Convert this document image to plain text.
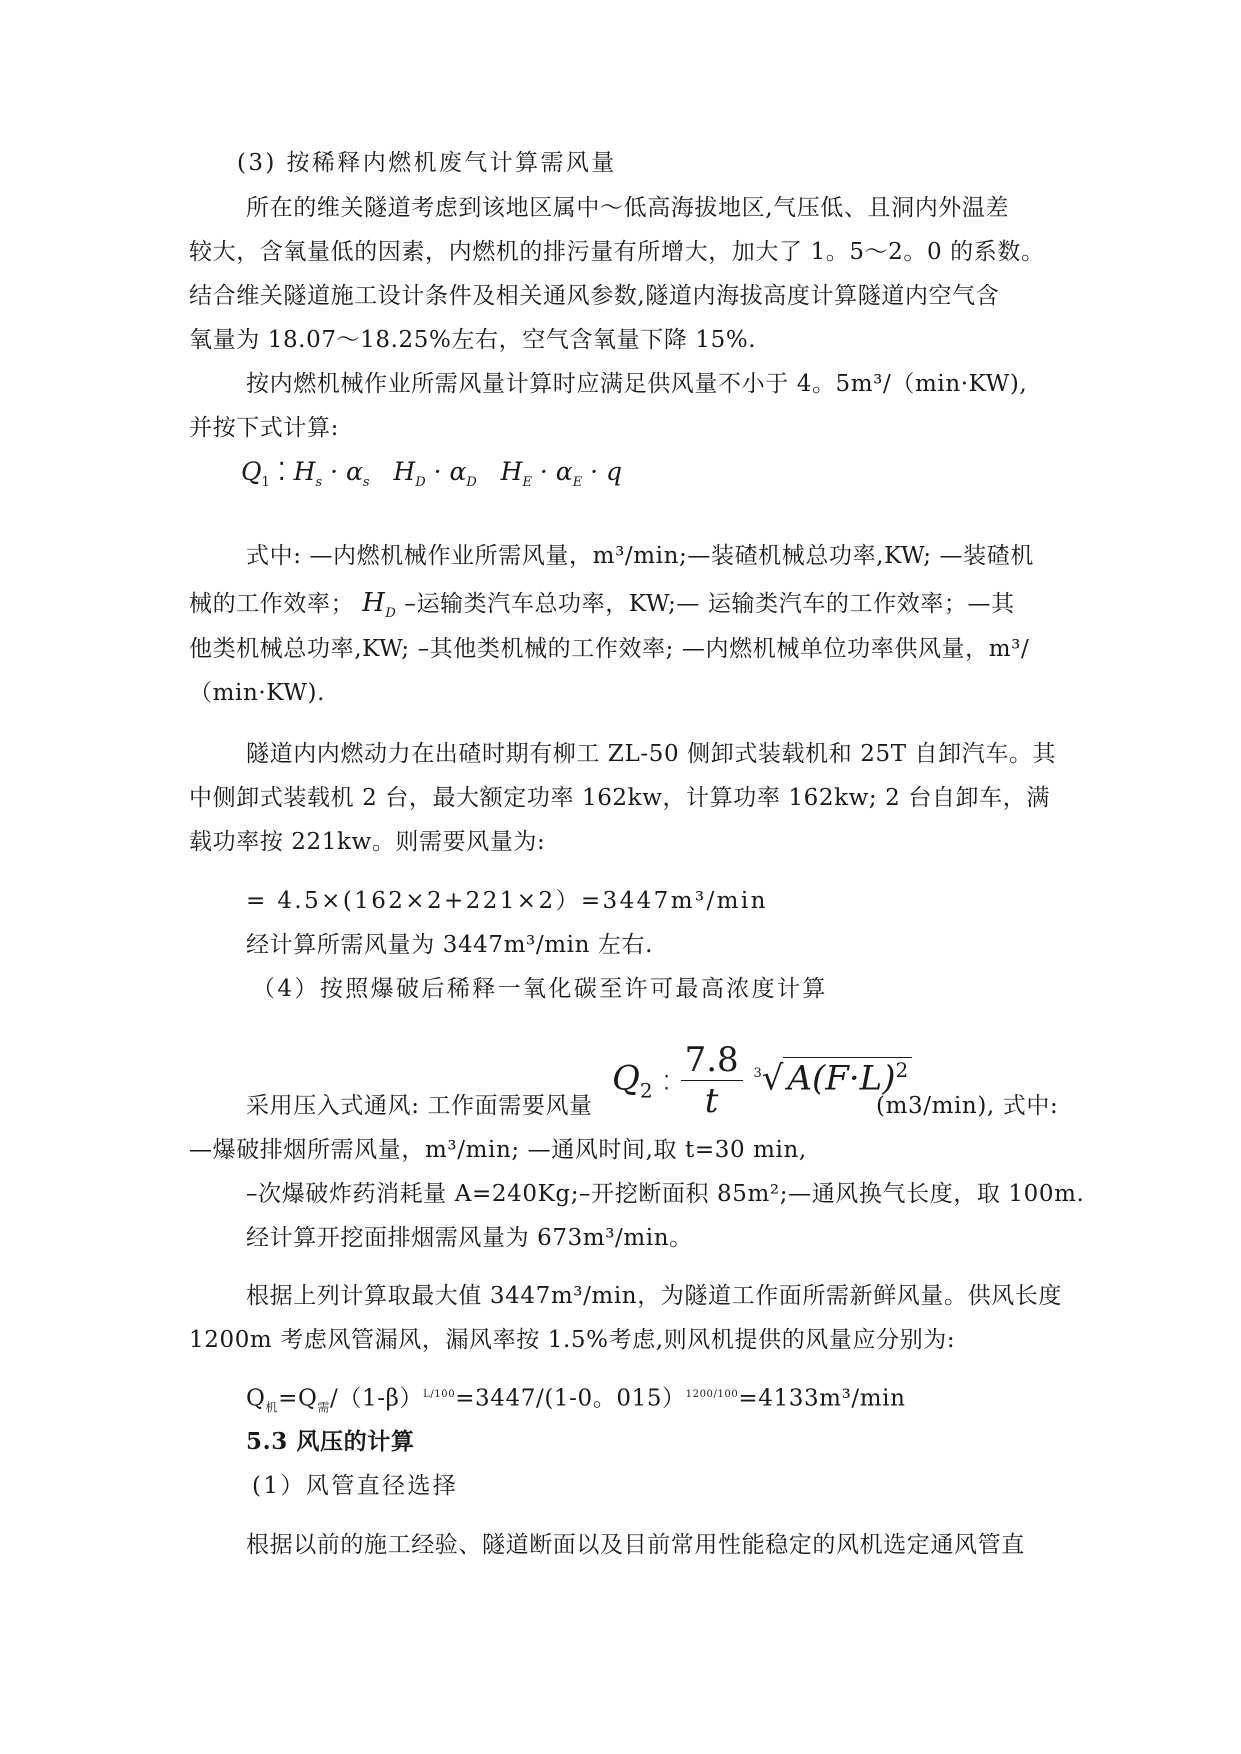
(3) 按稀释内燃机废气计算需风量
所在的维关隧道考虑到该地区属中～低高海拔地区,气压低、且洞内外温差
较大，含氧量低的因素，内燃机的排污量有所增大，加大了 1。5～2。0 的系数。
结合维关隧道施工设计条件及相关通风参数,隧道内海拔高度计算隧道内空气含
氧量为 18.07～18.25%左右，空气含氧量下降 15%.
按内燃机械作业所需风量计算时应满足供风量不小于 4。5m³/（min·KW),
并按下式计算:
$Q_1$ ⁚ $H_s \cdot \alpha_s$ $H_D \cdot \alpha_D$ $H_E \cdot \alpha_E \cdot q$
式中: —内燃机械作业所需风量，m³/min;—装碴机械总功率,KW; —装碴机
械的工作效率； $H_D$ –运输类汽车总功率，KW;— 运输类汽车的工作效率；—其
他类机械总功率,KW; –其他类机械的工作效率; —内燃机械单位功率供风量，m³/
（min·KW).
隧道内内燃动力在出碴时期有柳工 ZL-50 侧卸式装载机和 25T 自卸汽车。其
中侧卸式装载机 2 台，最大额定功率 162kw，计算功率 162kw; 2 台自卸车，满
载功率按 221kw。则需要风量为:
= 4.5×(162×2+221×2）=3447m³/min
经计算所需风量为 3447m³/min 左右.
（4）按照爆破后稀释一氧化碳至许可最高浓度计算
$Q_2$ ⁚ $\frac{7.8}{t} ^3√$ $A(F\cdot L)^2$
采用压入式通风: 工作面需要风量	(m3/min), 式中:
—爆破排烟所需风量，m³/min; —通风时间,取 t=30 min,
–次爆破炸药消耗量 A=240Kg;–开挖断面积 85m²;—通风换气长度，取 100m.
经计算开挖面排烟需风量为 673m³/min。
根据上列计算取最大值 3447m³/min，为隧道工作面所需新鲜风量。供风长度
1200m 考虑风管漏风，漏风率按 1.5%考虑,则风机提供的风量应分别为:
$Q_机=Q_需/(1-\beta)^{L/100}=3447/(1-0$。015）$^{1200/100}$=4133m³/min
5.3 风压的计算
(1）风管直径选择
根据以前的施工经验、隧道断面以及目前常用性能稳定的风机选定通风管直
